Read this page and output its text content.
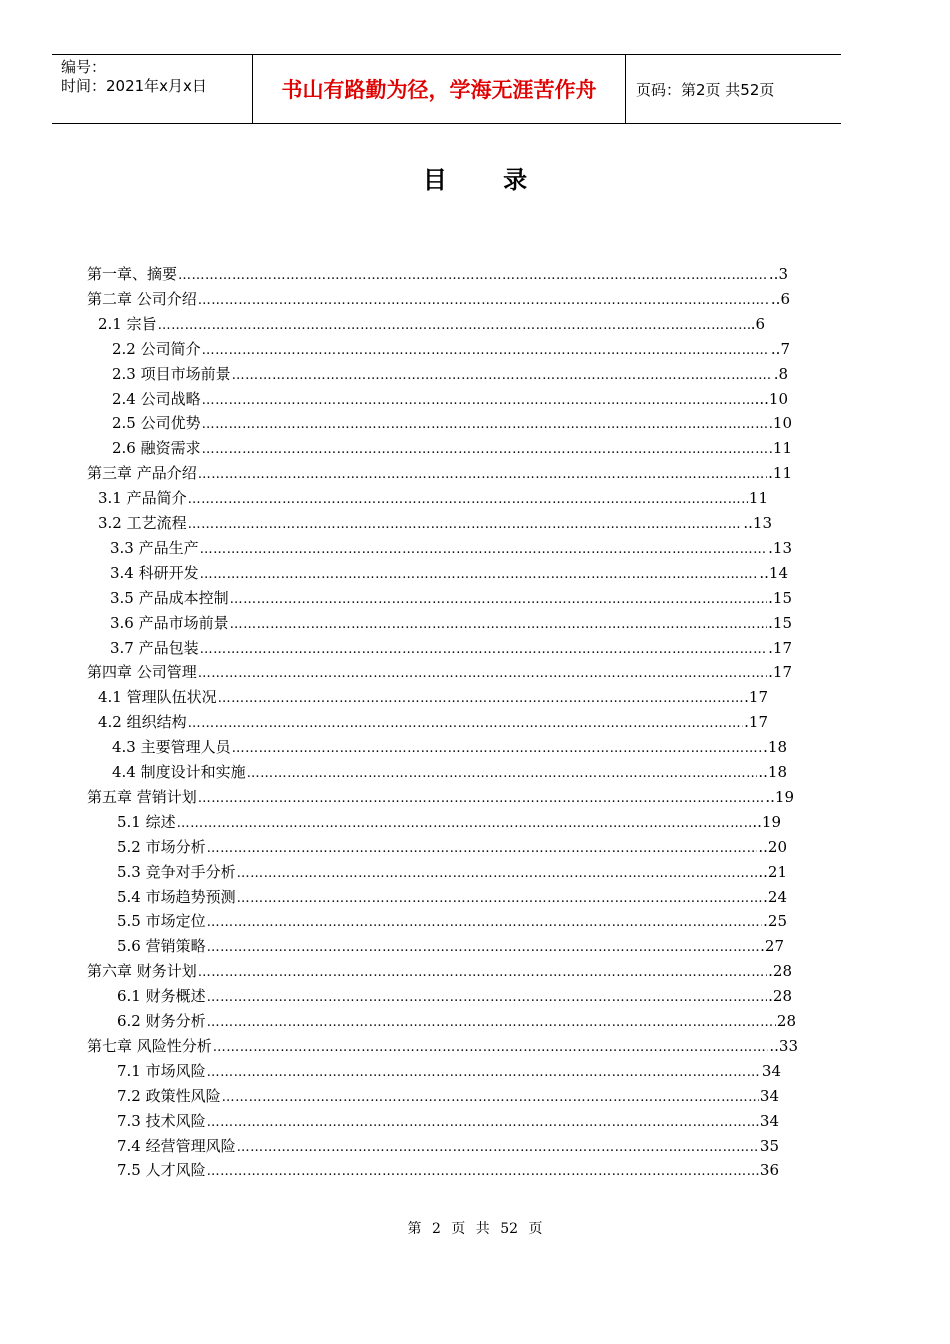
编号：
时间：2021年x月x日	书山有路勤为径，学海无涯苦作舟	页码：第2页 共52页
目 录
第一章、摘要 …………………………………………………………………………………………………………………………………………………………………………………	..3
第二章 公司介绍 …………………………………………………………………………………………………………………………………………………………………………………	..6
2.1 宗旨 …………………………………………………………………………………………………………………………………………………………………………………	.6
2.2 公司简介 …………………………………………………………………………………………………………………………………………………………………………………	..7
2.3 项目市场前景 …………………………………………………………………………………………………………………………………………………………………………………	.8
2.4 公司战略 …………………………………………………………………………………………………………………………………………………………………………………	...10
2.5 公司优势 …………………………………………………………………………………………………………………………………………………………………………………	10
2.6 融资需求 …………………………………………………………………………………………………………………………………………………………………………………	11
第三章 产品介绍 …………………………………………………………………………………………………………………………………………………………………………………	.11
3.1 产品简介 …………………………………………………………………………………………………………………………………………………………………………………	11
3.2 工艺流程 …………………………………………………………………………………………………………………………………………………………………………………	..13
3.3 产品生产 …………………………………………………………………………………………………………………………………………………………………………………	.13
3.4 科研开发 …………………………………………………………………………………………………………………………………………………………………………………	..14
3.5 产品成本控制 …………………………………………………………………………………………………………………………………………………………………………………	.15
3.6 产品市场前景 …………………………………………………………………………………………………………………………………………………………………………………	.15
3.7 产品包装 …………………………………………………………………………………………………………………………………………………………………………………	.17
第四章 公司管理 …………………………………………………………………………………………………………………………………………………………………………………	.17
4.1 管理队伍状况 …………………………………………………………………………………………………………………………………………………………………………………	.17
4.2 组织结构 …………………………………………………………………………………………………………………………………………………………………………………	.17
4.3 主要管理人员 …………………………………………………………………………………………………………………………………………………………………………………	.18
4.4 制度设计和实施 …………………………………………………………………………………………………………………………………………………………………………………	..18
第五章 营销计划 …………………………………………………………………………………………………………………………………………………………………………………	..19
5.1 综述 …………………………………………………………………………………………………………………………………………………………………………………	..19
5.2 市场分析 …………………………………………………………………………………………………………………………………………………………………………………	..20
5.3 竞争对手分析 …………………………………………………………………………………………………………………………………………………………………………………	..21
5.4 市场趋势预测 …………………………………………………………………………………………………………………………………………………………………………………	.24
5.5 市场定位 …………………………………………………………………………………………………………………………………………………………………………………	.25
5.6 营销策略 …………………………………………………………………………………………………………………………………………………………………………………	.27
第六章 财务计划 …………………………………………………………………………………………………………………………………………………………………………………	.28
6.1 财务概述 …………………………………………………………………………………………………………………………………………………………………………………	.28
6.2 财务分析 …………………………………………………………………………………………………………………………………………………………………………………	28
第七章 风险性分析 …………………………………………………………………………………………………………………………………………………………………………………	..33
7.1 市场风险 …………………………………………………………………………………………………………………………………………………………………………………	34
7.2 政策性风险 …………………………………………………………………………………………………………………………………………………………………………………	34
7.3 技术风险 …………………………………………………………………………………………………………………………………………………………………………………	34
7.4 经营管理风险 …………………………………………………………………………………………………………………………………………………………………………………	35
7.5 人才风险 …………………………………………………………………………………………………………………………………………………………………………………	36
第 2 页 共 52 页
